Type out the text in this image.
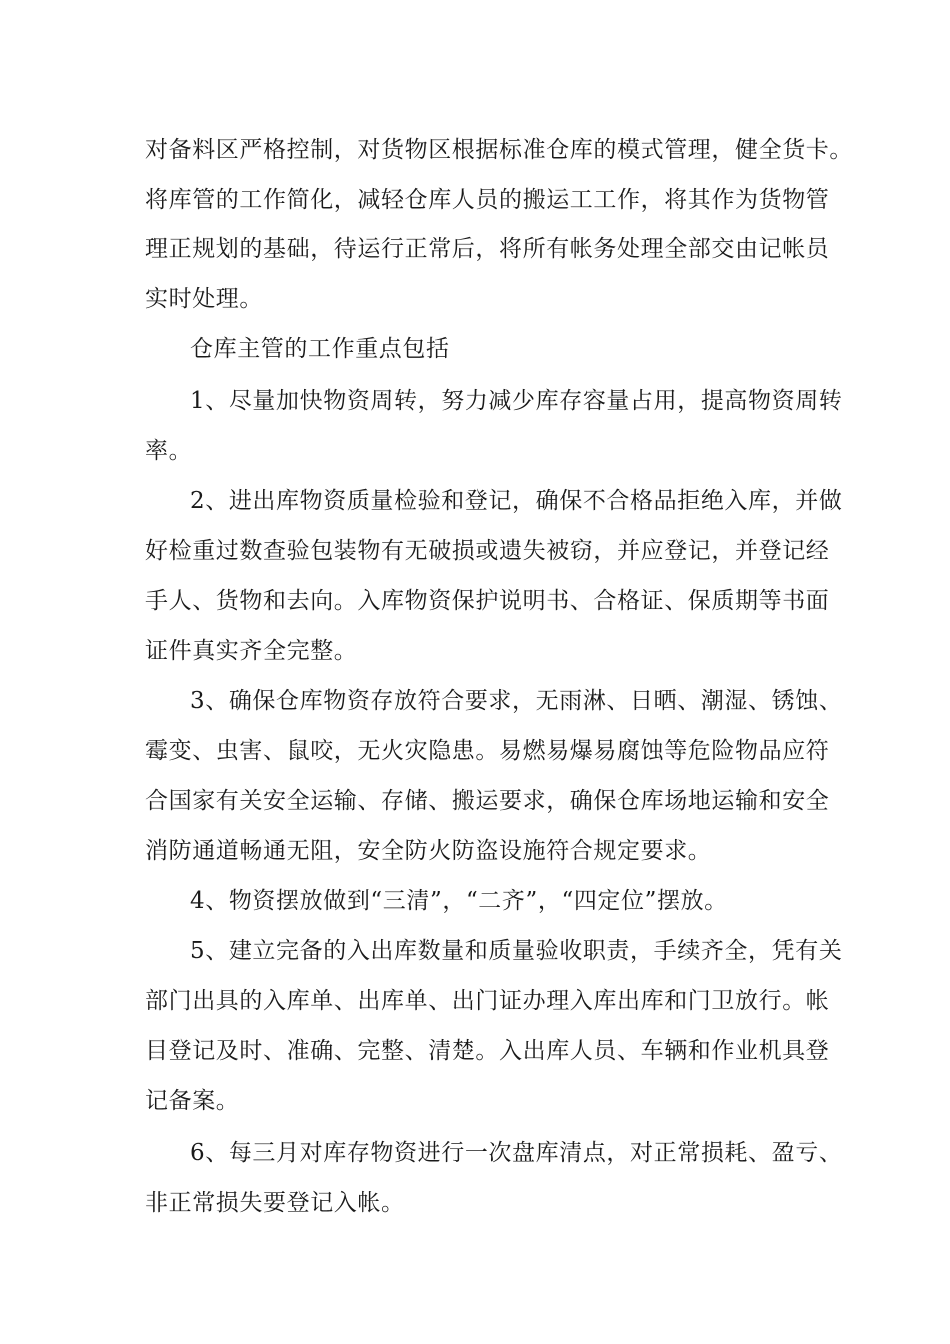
对备料区严格控制，对货物区根据标准仓库的模式管理，健全货卡。
将库管的工作简化，减轻仓库人员的搬运工工作，将其作为货物管
理正规划的基础，待运行正常后，将所有帐务处理全部交由记帐员
实时处理。
仓库主管的工作重点包括
1、尽量加快物资周转，努力减少库存容量占用，提高物资周转
率。
2、进出库物资质量检验和登记，确保不合格品拒绝入库，并做
好检重过数查验包装物有无破损或遗失被窃，并应登记，并登记经
手人、货物和去向。入库物资保护说明书、合格证、保质期等书面
证件真实齐全完整。
3、确保仓库物资存放符合要求，无雨淋、日晒、潮湿、锈蚀、
霉变、虫害、鼠咬，无火灾隐患。易燃易爆易腐蚀等危险物品应符
合国家有关安全运输、存储、搬运要求，确保仓库场地运输和安全
消防通道畅通无阻，安全防火防盗设施符合规定要求。
4、物资摆放做到“三清”，“二齐”，“四定位”摆放。
5、建立完备的入出库数量和质量验收职责，手续齐全，凭有关
部门出具的入库单、出库单、出门证办理入库出库和门卫放行。帐
目登记及时、准确、完整、清楚。入出库人员、车辆和作业机具登
记备案。
6、每三月对库存物资进行一次盘库清点，对正常损耗、盈亏、
非正常损失要登记入帐。
